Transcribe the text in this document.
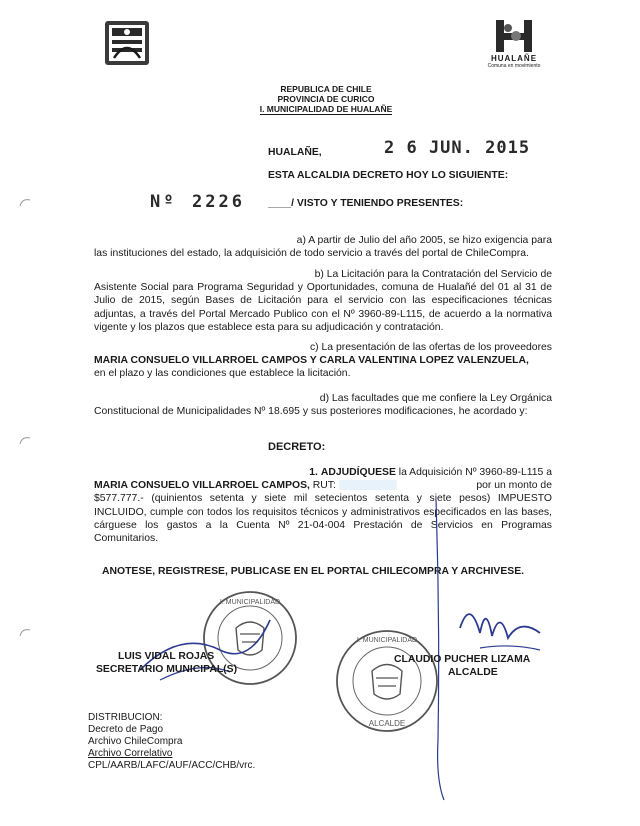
HUALAÑE
Comuna en movimiento
REPUBLICA DE CHILE
PROVINCIA DE CURICO
I. MUNICIPALIDAD DE HUALAÑE
HUALAÑE,	2 6 JUN. 2015
ESTA ALCALDIA DECRETO HOY LO SIGUIENTE:
Nº 2226 ____/ VISTO Y TENIENDO PRESENTES:
a) A partir de Julio del año 2005, se hizo exigencia para
las instituciones del estado, la adquisición de todo servicio a través del portal de ChileCompra.
b) La Licitación para la Contratación del Servicio de
Asistente Social para Programa Seguridad y Oportunidades, comuna de Hualañé del 01 al 31 de Julio de 2015, según Bases de Licitación para el servicio con las especificaciones técnicas adjuntas, a través del Portal Mercado Publico con el Nº 3960-89-L115, de acuerdo a la normativa vigente y los plazos que establece esta para su adjudicación y contratación.
c) La presentación de las ofertas de los proveedores
MARIA CONSUELO VILLARROEL CAMPOS Y CARLA VALENTINA LOPEZ VALENZUELA,
en el plazo y las condiciones que establece la licitación.
d) Las facultades que me confiere la Ley Orgánica
Constitucional de Municipalidades Nº 18.695 y sus posteriores modificaciones, he acordado y:
DECRETO:
1. ADJUDÍQUESE la Adquisición Nº 3960-89-L115 a
MARIA CONSUELO VILLARROEL CAMPOS, RUT:	por un monto de
$577.777.- (quinientos setenta y siete mil setecientos setenta y siete pesos) IMPUESTO INCLUIDO, cumple con todos los requisitos técnicos y administrativos especificados en las bases, cárguese los gastos a la Cuenta Nº 21-04-004 Prestación de Servicios en Programas Comunitarios.
ANOTESE, REGISTRESE, PUBLICASE EN EL PORTAL CHILECOMPRA Y ARCHIVESE.
I. MUNICIPALIDAD
I. MUNICIPALIDAD
ALCALDE
LUIS VIDAL ROJAS
SECRETARIO MUNICIPAL(S)
CLAUDIO PUCHER LIZAMA
ALCALDE
DISTRIBUCION:
Decreto de Pago
Archivo ChileCompra
Archivo Correlativo
CPL/AARB/LAFC/AUF/ACC/CHB/vrc.
